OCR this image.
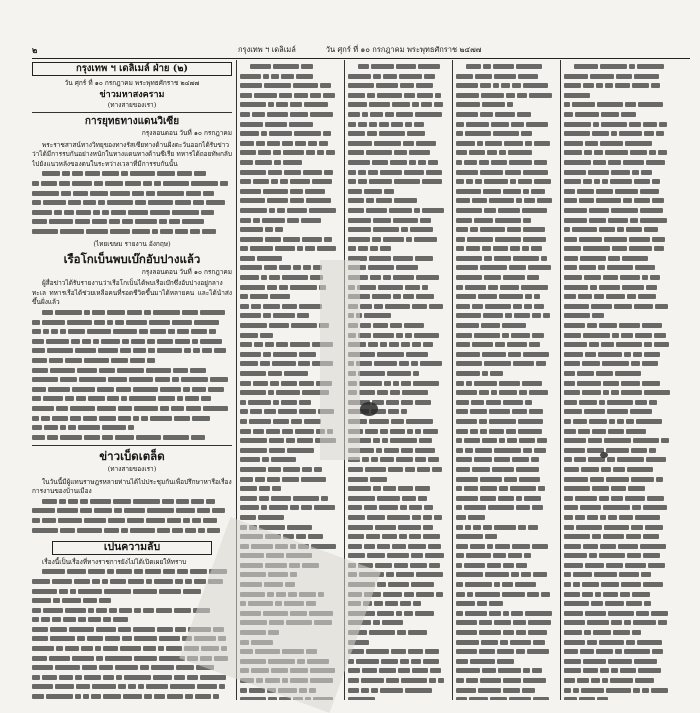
๒	กรุงเทพ ฯ เดลิเมล์	วัน ศุกร์ ที่ ๑๐ กรกฎาคม พระพุทธศักราช ๒๔๗๗
กรุงเทพ ฯ เดลิเมล์ ฝ่าย (๒)
วัน ศุกร์ ที่ ๑๐ กรกฎาคม พระพุทธศักราช ๒๔๗๗
ข่าวมหาสงคราม
(ทางสายของเรา)
การยุทธทางแดนวิเซีย
กรุงลอนดอน วันที่ ๑๐ กรกฎาคม

พระราชสาสน์ทางวิทยุของทางรัสเซียทางด้านฝั่งตะวันออกได้รับข่าวว่าได้มีการรบกันอย่างหนักในทางแดนทางด้านซีเรีย ทหารได้ถอยทัพกลับไปยังแนวหลังของตนในระหว่างเวลาที่มีการรบกันนั้น

(ไทยเขษม รายงาน อังกฤษ)
เรือโกเบ็นพบเบ๊กอับปางแล้ว
กรุงลอนดอน วันที่ ๑๐ กรกฎาคม

ผู้สื่อข่าวได้รับรายงานว่าเรือโกเบ็นได้พบเรือเบ๊กซึ่งอับปางอยู่กลางทะเล ทหารเรือได้ช่วยเหลือคนที่รอดชีวิตขึ้นมาได้หลายคน และได้นำส่งขึ้นฝั่งแล้ว

ข่าวเบ็ดเตล็ด
(ทางสายของเรา)

ในวันนี้มีผู้แทนราษฎรหลายท่านได้ไปประชุมกันเพื่อปรึกษาหารือเรื่องการงานของบ้านเมือง

เปนความลับ

เรื่องนี้เป็นเรื่องที่ทางราชการยังไม่ได้เปิดเผยให้ทราบ
